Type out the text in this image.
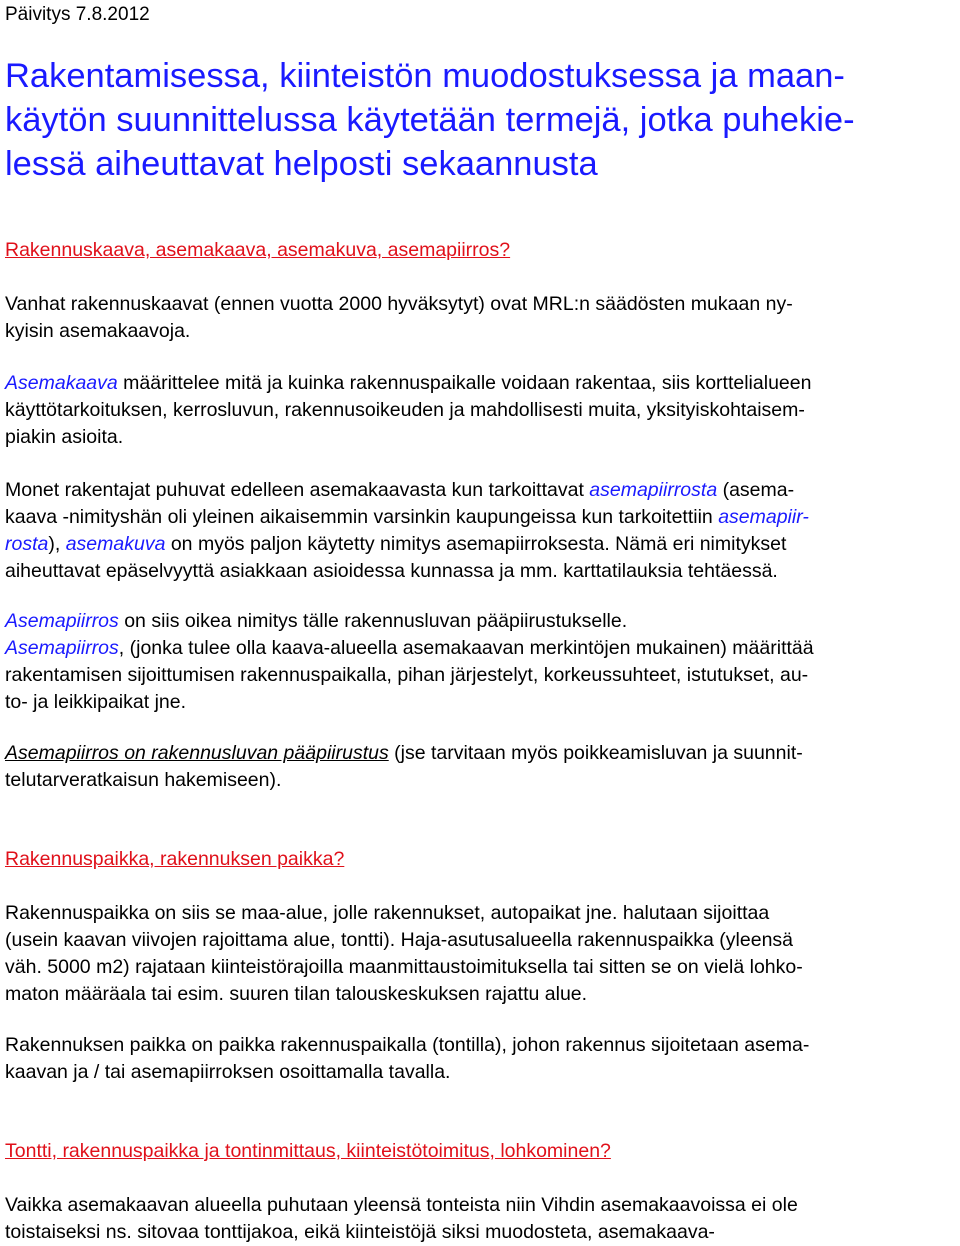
Päivitys 7.8.2012
Rakentamisessa, kiinteistön muodostuksessa ja maan-
käytön suunnittelussa käytetään termejä, jotka puhekie-
lessä aiheuttavat helposti sekaannusta
Rakennuskaava, asemakaava, asemakuva, asemapiirros?
Vanhat rakennuskaavat (ennen vuotta 2000 hyväksytyt) ovat MRL:n säädösten mukaan ny-
kyisin asemakaavoja.
Asemakaava määrittelee mitä ja kuinka rakennuspaikalle voidaan rakentaa, siis korttelialueen
käyttötarkoituksen, kerrosluvun, rakennusoikeuden ja mahdollisesti muita, yksityiskohtaisem-
piakin asioita.
Monet rakentajat puhuvat edelleen asemakaavasta kun tarkoittavat asemapiirrosta (asema-
kaava -nimityshän oli yleinen aikaisemmin varsinkin kaupungeissa kun tarkoitettiin asemapiir-
rosta), asemakuva on myös paljon käytetty nimitys asemapiirroksesta. Nämä eri nimitykset
aiheuttavat epäselvyyttä asiakkaan asioidessa kunnassa ja mm. karttatilauksia tehtäessä.
Asemapiirros on siis oikea nimitys tälle rakennusluvan pääpiirustukselle.
Asemapiirros, (jonka tulee olla kaava-alueella asemakaavan merkintöjen mukainen) määrittää
rakentamisen sijoittumisen rakennuspaikalla, pihan järjestelyt, korkeussuhteet, istutukset, au-
to- ja leikkipaikat jne.
Asemapiirros on rakennusluvan pääpiirustus (jse tarvitaan myös poikkeamisluvan ja suunnit-
telutarveratkaisun hakemiseen).
Rakennuspaikka, rakennuksen paikka?
Rakennuspaikka on siis se maa-alue, jolle rakennukset, autopaikat jne. halutaan sijoittaa
(usein kaavan viivojen rajoittama alue, tontti). Haja-asutusalueella rakennuspaikka (yleensä
väh. 5000 m2) rajataan kiinteistörajoilla maanmittaustoimituksella tai sitten se on vielä lohko-
maton määräala tai esim. suuren tilan talouskeskuksen rajattu alue.
Rakennuksen paikka on paikka rakennuspaikalla (tontilla), johon rakennus sijoitetaan asema-
kaavan ja / tai asemapiirroksen osoittamalla tavalla.
Tontti, rakennuspaikka ja tontinmittaus, kiinteistötoimitus, lohkominen?
Vaikka asemakaavan alueella puhutaan yleensä tonteista niin Vihdin asemakaavoissa ei ole
toistaiseksi ns. sitovaa tonttijakoa, eikä kiinteistöjä siksi muodosteta, asemakaava-
